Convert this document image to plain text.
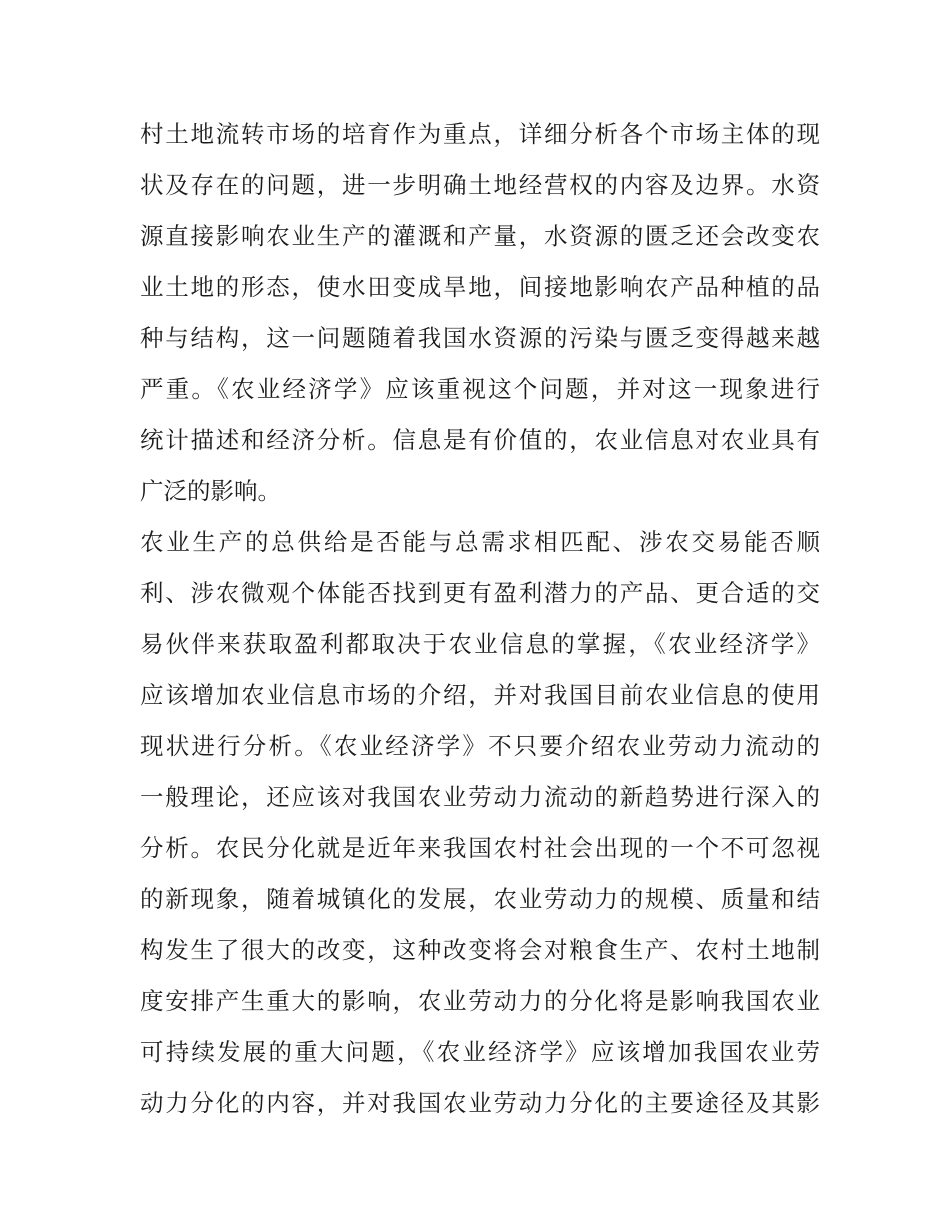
村土地流转市场的培育作为重点，详细分析各个市场主体的现
状及存在的问题，进一步明确土地经营权的内容及边界。水资
源直接影响农业生产的灌溉和产量，水资源的匮乏还会改变农
业土地的形态，使水田变成旱地，间接地影响农产品种植的品
种与结构，这一问题随着我国水资源的污染与匮乏变得越来越
严重。《农业经济学》应该重视这个问题，并对这一现象进行
统计描述和经济分析。信息是有价值的，农业信息对农业具有
广泛的影响。
农业生产的总供给是否能与总需求相匹配、涉农交易能否顺
利、涉农微观个体能否找到更有盈利潜力的产品、更合适的交
易伙伴来获取盈利都取决于农业信息的掌握，《农业经济学》
应该增加农业信息市场的介绍，并对我国目前农业信息的使用
现状进行分析。《农业经济学》不只要介绍农业劳动力流动的
一般理论，还应该对我国农业劳动力流动的新趋势进行深入的
分析。农民分化就是近年来我国农村社会出现的一个不可忽视
的新现象，随着城镇化的发展，农业劳动力的规模、质量和结
构发生了很大的改变，这种改变将会对粮食生产、农村土地制
度安排产生重大的影响，农业劳动力的分化将是影响我国农业
可持续发展的重大问题，《农业经济学》应该增加我国农业劳
动力分化的内容，并对我国农业劳动力分化的主要途径及其影
